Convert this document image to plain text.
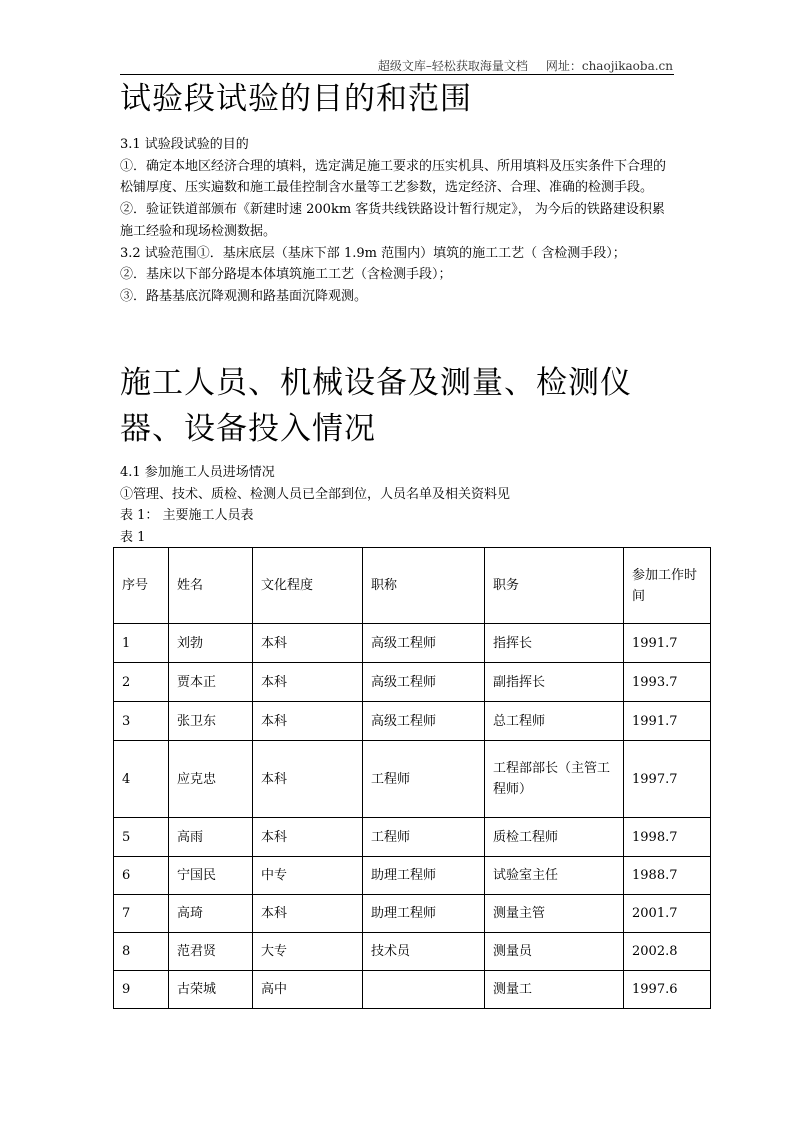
超级文库–轻松获取海量文档 网址：chaojikaoba.cn
试验段试验的目的和范围
3.1 试验段试验的目的
①．确定本地区经济合理的填料，选定满足施工要求的压实机具、所用填料及压实条件下合理的松铺厚度、压实遍数和施工最佳控制含水量等工艺参数，选定经济、合理、准确的检测手段。
②．验证铁道部颁布《新建时速 200km 客货共线铁路设计暂行规定》， 为今后的铁路建设积累施工经验和现场检测数据。
3.2 试验范围①．基床底层（基床下部 1.9m 范围内）填筑的施工工艺（ 含检测手段）；
②．基床以下部分路堤本体填筑施工工艺（含检测手段）；
③．路基基底沉降观测和路基面沉降观测。
施工人员、机械设备及测量、检测仪器、设备投入情况
4.1 参加施工人员进场情况
①管理、技术、质检、检测人员已全部到位，人员名单及相关资料见
表 1： 主要施工人员表
表 1
序号	姓名	文化程度	职称	职务	参加工作时间
1	刘勃	本科	高级工程师	指挥长	1991.7
2	贾本正	本科	高级工程师	副指挥长	1993.7
3	张卫东	本科	高级工程师	总工程师	1991.7
4	应克忠	本科	工程师	工程部部长（主管工程师）	1997.7
5	高雨	本科	工程师	质检工程师	1998.7
6	宁国民	中专	助理工程师	试验室主任	1988.7
7	高琦	本科	助理工程师	测量主管	2001.7
8	范君贤	大专	技术员	测量员	2002.8
9	古荣城	高中		测量工	1997.6
